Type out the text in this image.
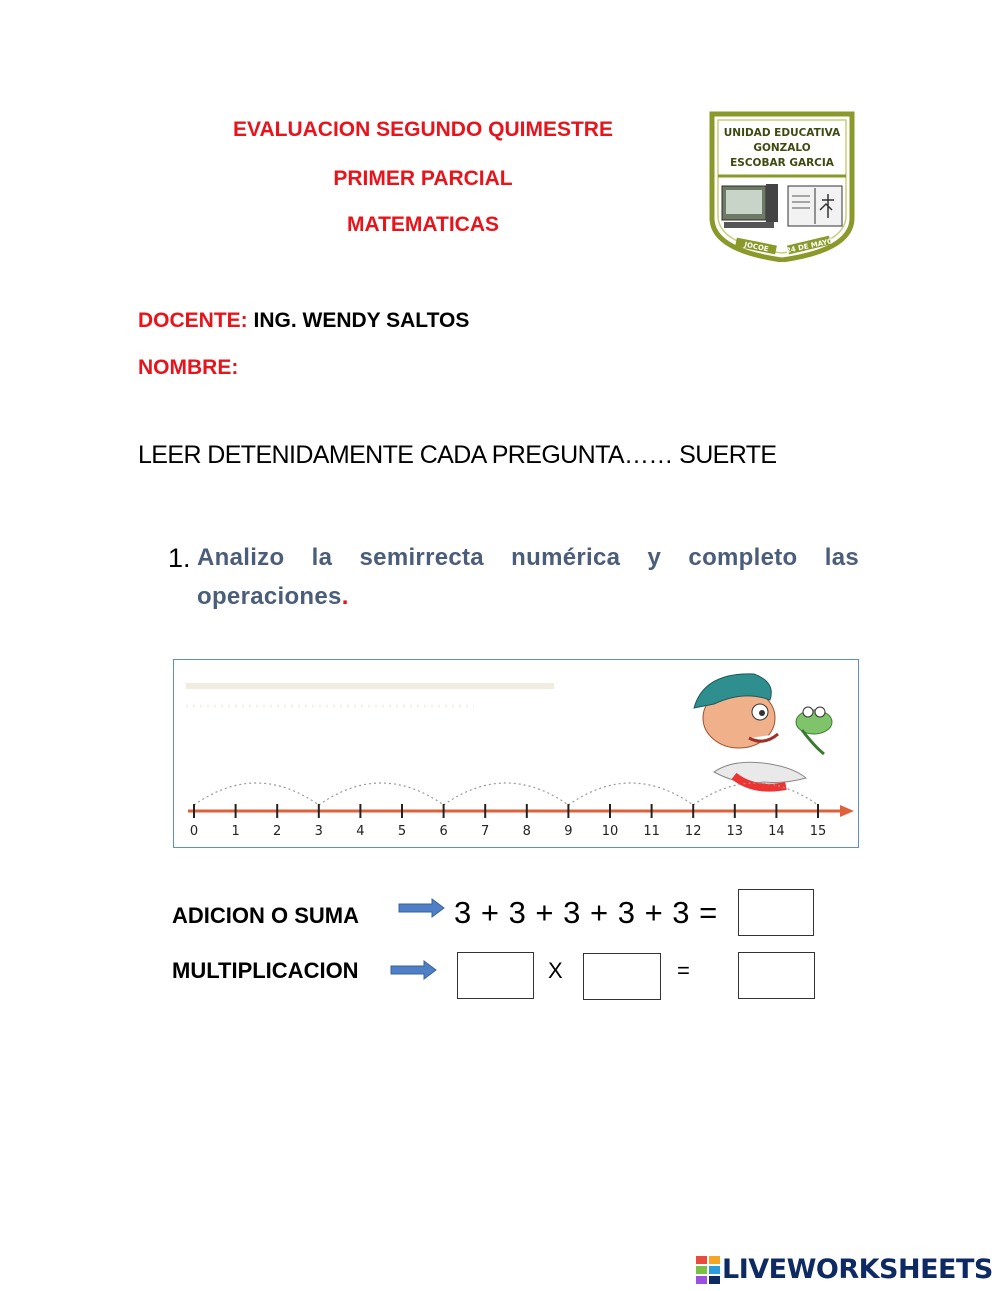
EVALUACION SEGUNDO QUIMESTRE
PRIMER PARCIAL
MATEMATICAS
UNIDAD EDUCATIVA
GONZALO
ESCOBAR GARCIA
JOCOE 24 DE MAYO
DOCENTE: ING. WENDY SALTOS
NOMBRE:
LEER DETENIDAMENTE CADA PREGUNTA…… SUERTE
1. Analizo la semirrecta numérica y completo las
operaciones.
0	1	2	3	4	5	6	7	8	9 10 11 12 13 14 15
ADICION O SUMA	3 + 3 + 3 + 3 + 3 =
MULTIPLICACION	X	=
LIVEWORKSHEETS
